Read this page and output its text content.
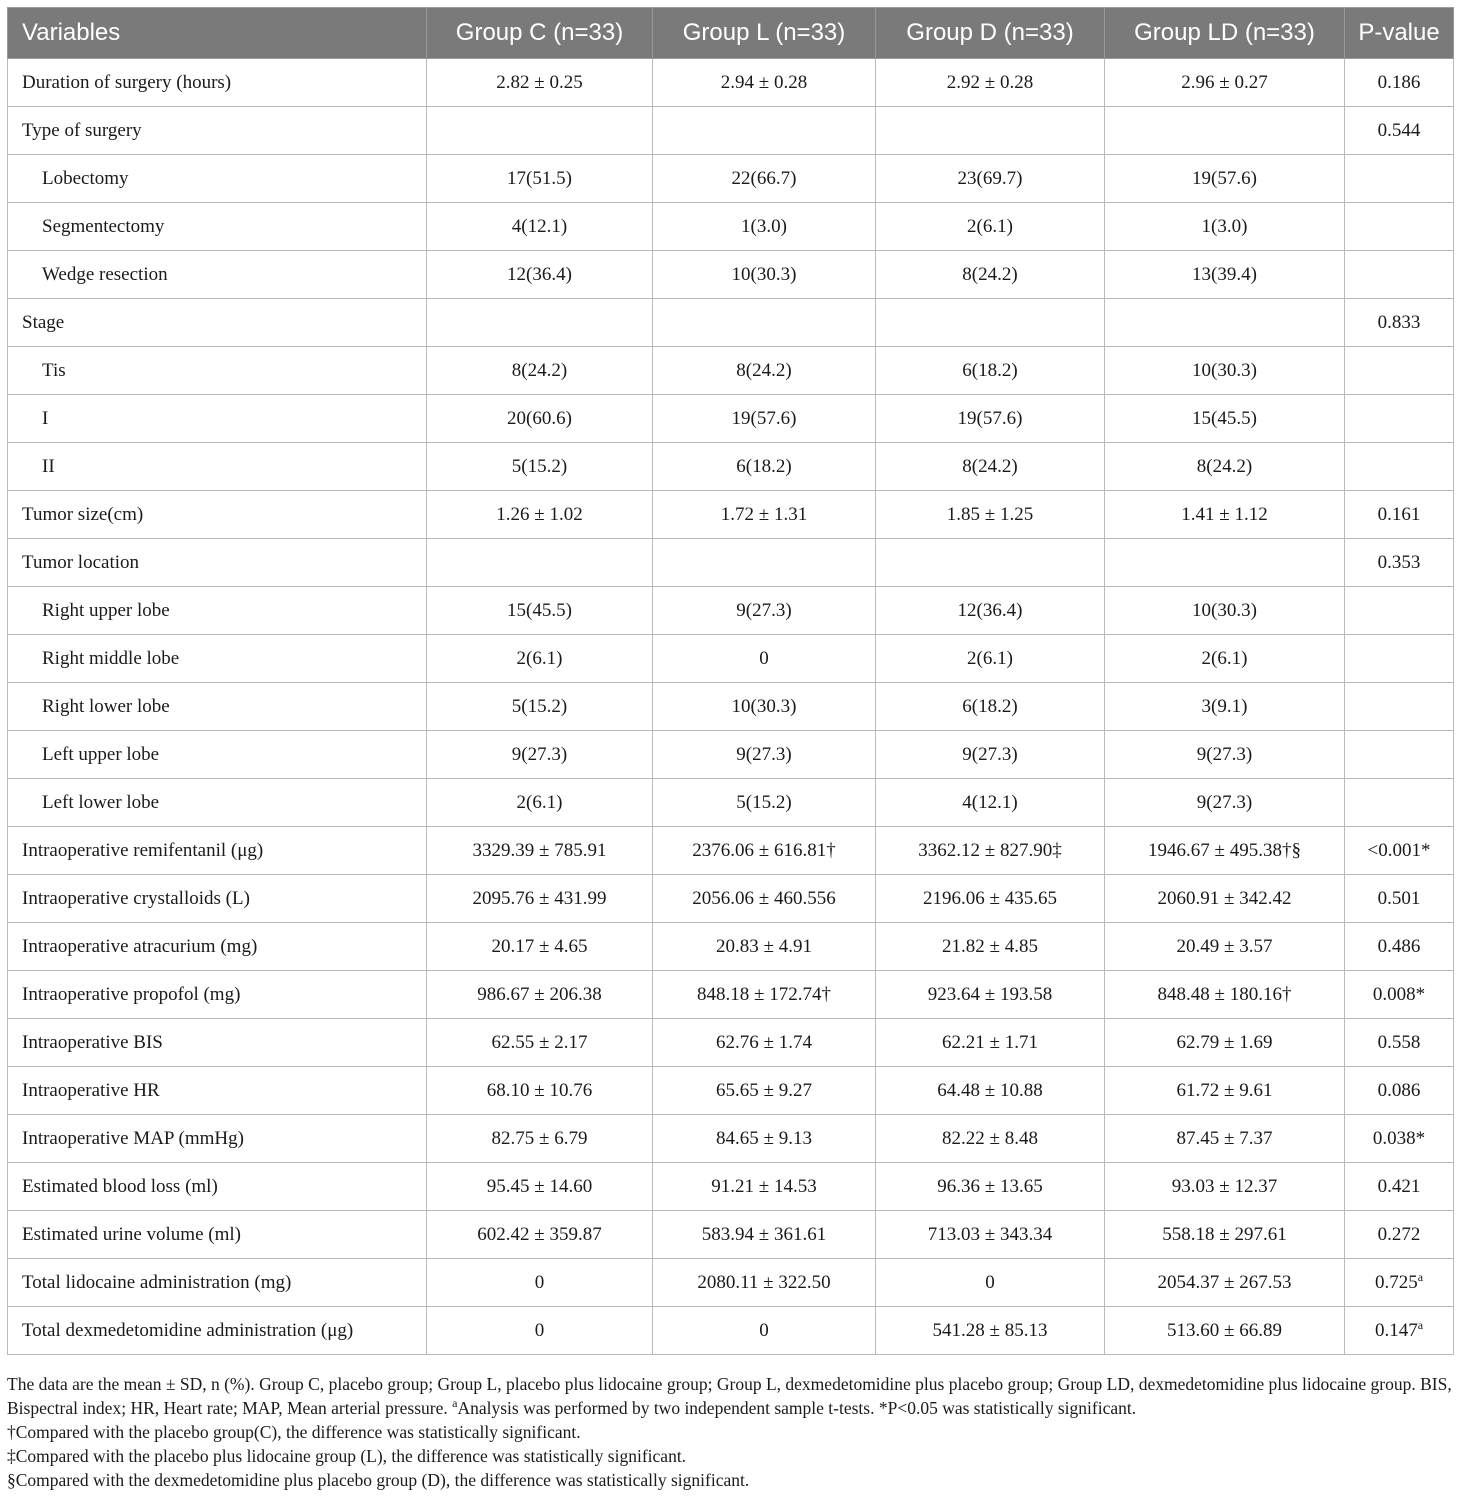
Variables	Group C (n=33)	Group L (n=33)	Group D (n=33)	Group LD (n=33)	P-value
Duration of surgery (hours)	2.82 ± 0.25	2.94 ± 0.28	2.92 ± 0.28	2.96 ± 0.27	0.186
Type of surgery					0.544
Lobectomy	17(51.5)	22(66.7)	23(69.7)	19(57.6)	
Segmentectomy	4(12.1)	1(3.0)	2(6.1)	1(3.0)	
Wedge resection	12(36.4)	10(30.3)	8(24.2)	13(39.4)	
Stage					0.833
Tis	8(24.2)	8(24.2)	6(18.2)	10(30.3)	
I	20(60.6)	19(57.6)	19(57.6)	15(45.5)	
II	5(15.2)	6(18.2)	8(24.2)	8(24.2)	
Tumor size(cm)	1.26 ± 1.02	1.72 ± 1.31	1.85 ± 1.25	1.41 ± 1.12	0.161
Tumor location					0.353
Right upper lobe	15(45.5)	9(27.3)	12(36.4)	10(30.3)	
Right middle lobe	2(6.1)	0	2(6.1)	2(6.1)	
Right lower lobe	5(15.2)	10(30.3)	6(18.2)	3(9.1)	
Left upper lobe	9(27.3)	9(27.3)	9(27.3)	9(27.3)	
Left lower lobe	2(6.1)	5(15.2)	4(12.1)	9(27.3)	
Intraoperative remifentanil (μg)	3329.39 ± 785.91	2376.06 ± 616.81†	3362.12 ± 827.90‡	1946.67 ± 495.38†§	<0.001*
Intraoperative crystalloids (L)	2095.76 ± 431.99	2056.06 ± 460.556	2196.06 ± 435.65	2060.91 ± 342.42	0.501
Intraoperative atracurium (mg)	20.17 ± 4.65	20.83 ± 4.91	21.82 ± 4.85	20.49 ± 3.57	0.486
Intraoperative propofol (mg)	986.67 ± 206.38	848.18 ± 172.74†	923.64 ± 193.58	848.48 ± 180.16†	0.008*
Intraoperative BIS	62.55 ± 2.17	62.76 ± 1.74	62.21 ± 1.71	62.79 ± 1.69	0.558
Intraoperative HR	68.10 ± 10.76	65.65 ± 9.27	64.48 ± 10.88	61.72 ± 9.61	0.086
Intraoperative MAP (mmHg)	82.75 ± 6.79	84.65 ± 9.13	82.22 ± 8.48	87.45 ± 7.37	0.038*
Estimated blood loss (ml)	95.45 ± 14.60	91.21 ± 14.53	96.36 ± 13.65	93.03 ± 12.37	0.421
Estimated urine volume (ml)	602.42 ± 359.87	583.94 ± 361.61	713.03 ± 343.34	558.18 ± 297.61	0.272
Total lidocaine administration (mg)	0	2080.11 ± 322.50	0	2054.37 ± 267.53	0.725$^a$
Total dexmedetomidine administration (μg)	0	0	541.28 ± 85.13	513.60 ± 66.89	0.147$^a$

The data are the mean ± SD, n (%). Group C, placebo group; Group L, placebo plus lidocaine group; Group L, dexmedetomidine plus placebo group; Group LD, dexmedetomidine plus lidocaine group. BIS, Bispectral index; HR, Heart rate; MAP, Mean arterial pressure. $^a$Analysis was performed by two independent sample t-tests. *P<0.05 was statistically significant.

†Compared with the placebo group(C), the difference was statistically significant.

‡Compared with the placebo plus lidocaine group (L), the difference was statistically significant.

§Compared with the dexmedetomidine plus placebo group (D), the difference was statistically significant.
